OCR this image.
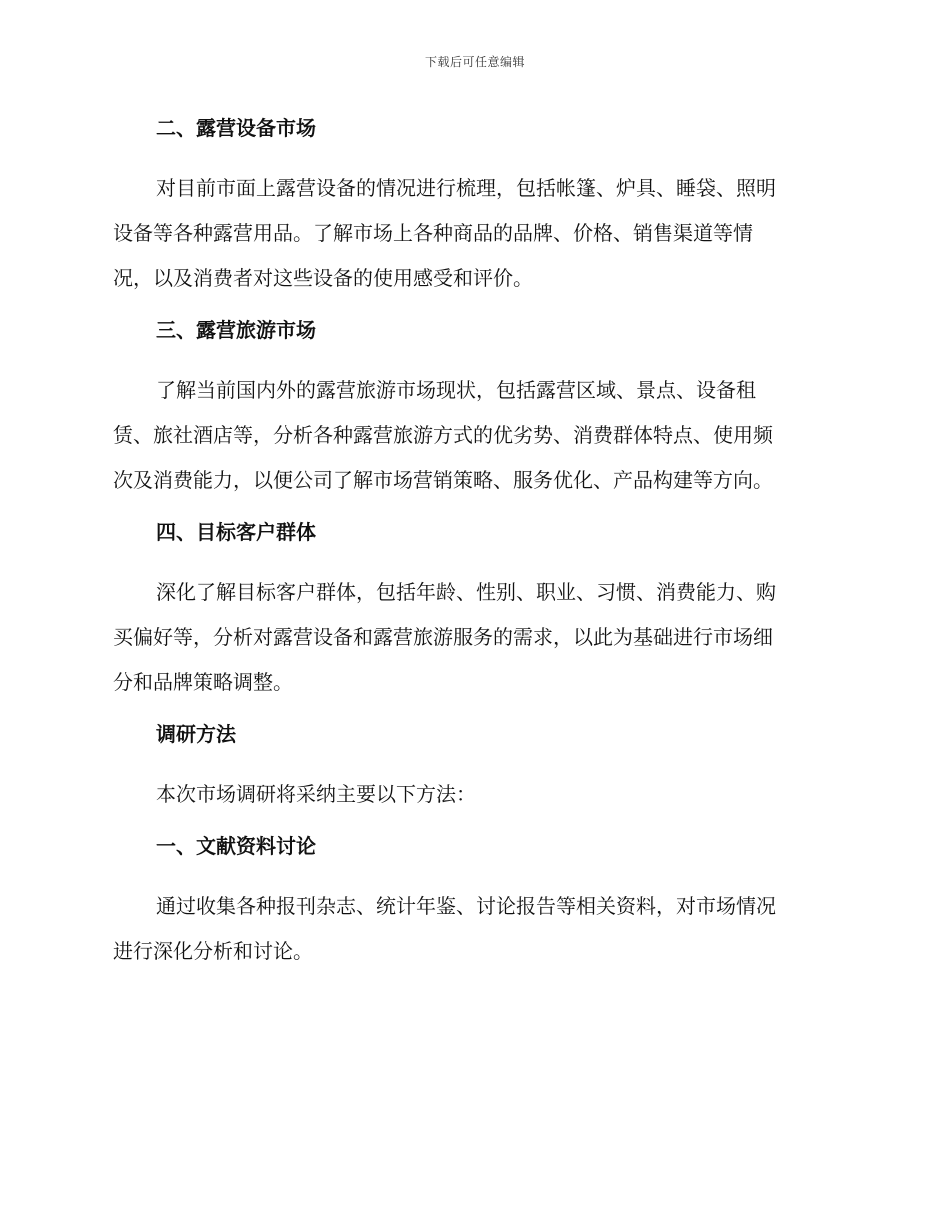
下载后可任意编辑
二、露营设备市场
对目前市面上露营设备的情况进行梳理，包括帐篷、炉具、睡袋、照明
设备等各种露营用品。了解市场上各种商品的品牌、价格、销售渠道等情
况，以及消费者对这些设备的使用感受和评价。
三、露营旅游市场
了解当前国内外的露营旅游市场现状，包括露营区域、景点、设备租
赁、旅社酒店等，分析各种露营旅游方式的优劣势、消费群体特点、使用频
次及消费能力，以便公司了解市场营销策略、服务优化、产品构建等方向。
四、目标客户群体
深化了解目标客户群体，包括年龄、性别、职业、习惯、消费能力、购
买偏好等，分析对露营设备和露营旅游服务的需求，以此为基础进行市场细
分和品牌策略调整。
调研方法
本次市场调研将采纳主要以下方法：
一、文献资料讨论
通过收集各种报刊杂志、统计年鉴、讨论报告等相关资料，对市场情况
进行深化分析和讨论。
